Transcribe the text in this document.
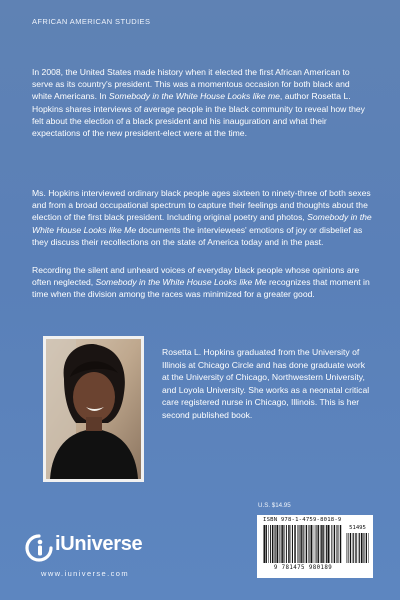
AFRICAN AMERICAN STUDIES

In 2008, the United States made history when it elected the first African American to serve as its country's president. This was a momentous occasion for both black and white Americans. In Somebody in the White House Looks like me, author Rosetta L. Hopkins shares interviews of average people in the black community to reveal how they felt about the election of a black president and his inauguration and what their expectations of the new president-elect were at the time.

Ms. Hopkins interviewed ordinary black people ages sixteen to ninety-three of both sexes and from a broad occupational spectrum to capture their feelings and thoughts about the election of the first black president. Including original poetry and photos, Somebody in the White House Looks like Me documents the interviewees' emotions of joy or disbelief as they discuss their recollections on the state of America today and in the past.

Recording the silent and unheard voices of everyday black people whose opinions are often neglected, Somebody in the White House Looks like Me recognizes that moment in time when the division among the races was minimized for a greater good.

Rosetta L. Hopkins graduated from the University of Illinois at Chicago Circle and has done graduate work at the University of Chicago, Northwestern University, and Loyola University. She works as a neonatal critical care registered nurse in Chicago, Illinois. This is her second published book.

U.S. $14.95
ISBN 978-1-4759-8018-9
51495
9 781475 980189
iUniverse
www.iuniverse.com
